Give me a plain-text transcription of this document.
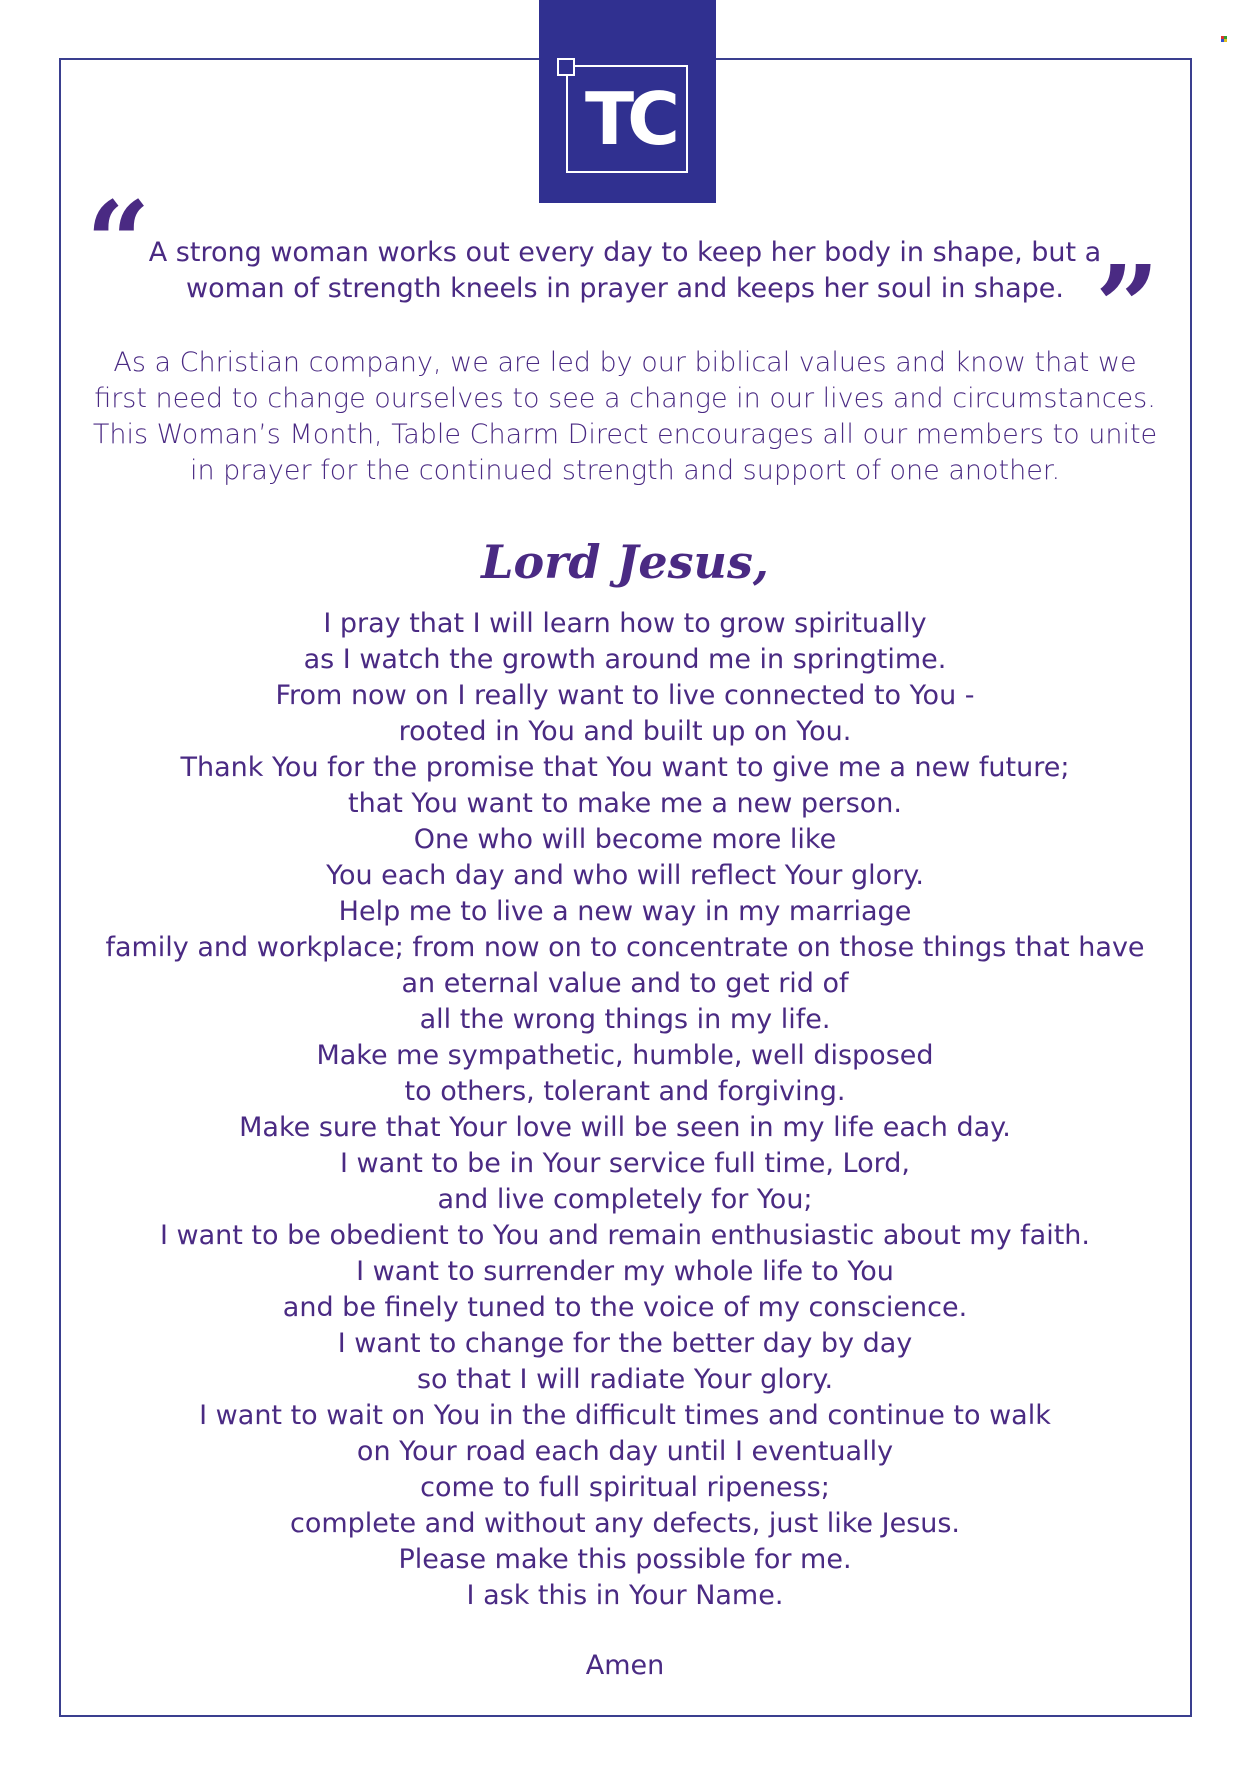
TC
“
A strong woman works out every day to keep her body in shape, but a
woman of strength kneels in prayer and keeps her soul in shape. ”
As a Christian company, we are led by our biblical values and know that we
first need to change ourselves to see a change in our lives and circumstances.
This Woman’s Month, Table Charm Direct encourages all our members to unite
in prayer for the continued strength and support of one another.
Lord Jesus,
I pray that I will learn how to grow spiritually
as I watch the growth around me in springtime.
From now on I really want to live connected to You -
rooted in You and built up on You.
Thank You for the promise that You want to give me a new future;
that You want to make me a new person.
One who will become more like
You each day and who will reflect Your glory.
Help me to live a new way in my marriage
family and workplace; from now on to concentrate on those things that have
an eternal value and to get rid of
all the wrong things in my life.
Make me sympathetic, humble, well disposed
to others, tolerant and forgiving.
Make sure that Your love will be seen in my life each day.
I want to be in Your service full time, Lord,
and live completely for You;
I want to be obedient to You and remain enthusiastic about my faith.
I want to surrender my whole life to You
and be finely tuned to the voice of my conscience.
I want to change for the better day by day
so that I will radiate Your glory.
I want to wait on You in the difficult times and continue to walk
on Your road each day until I eventually
come to full spiritual ripeness;
complete and without any defects, just like Jesus.
Please make this possible for me.
I ask this in Your Name.
Amen
